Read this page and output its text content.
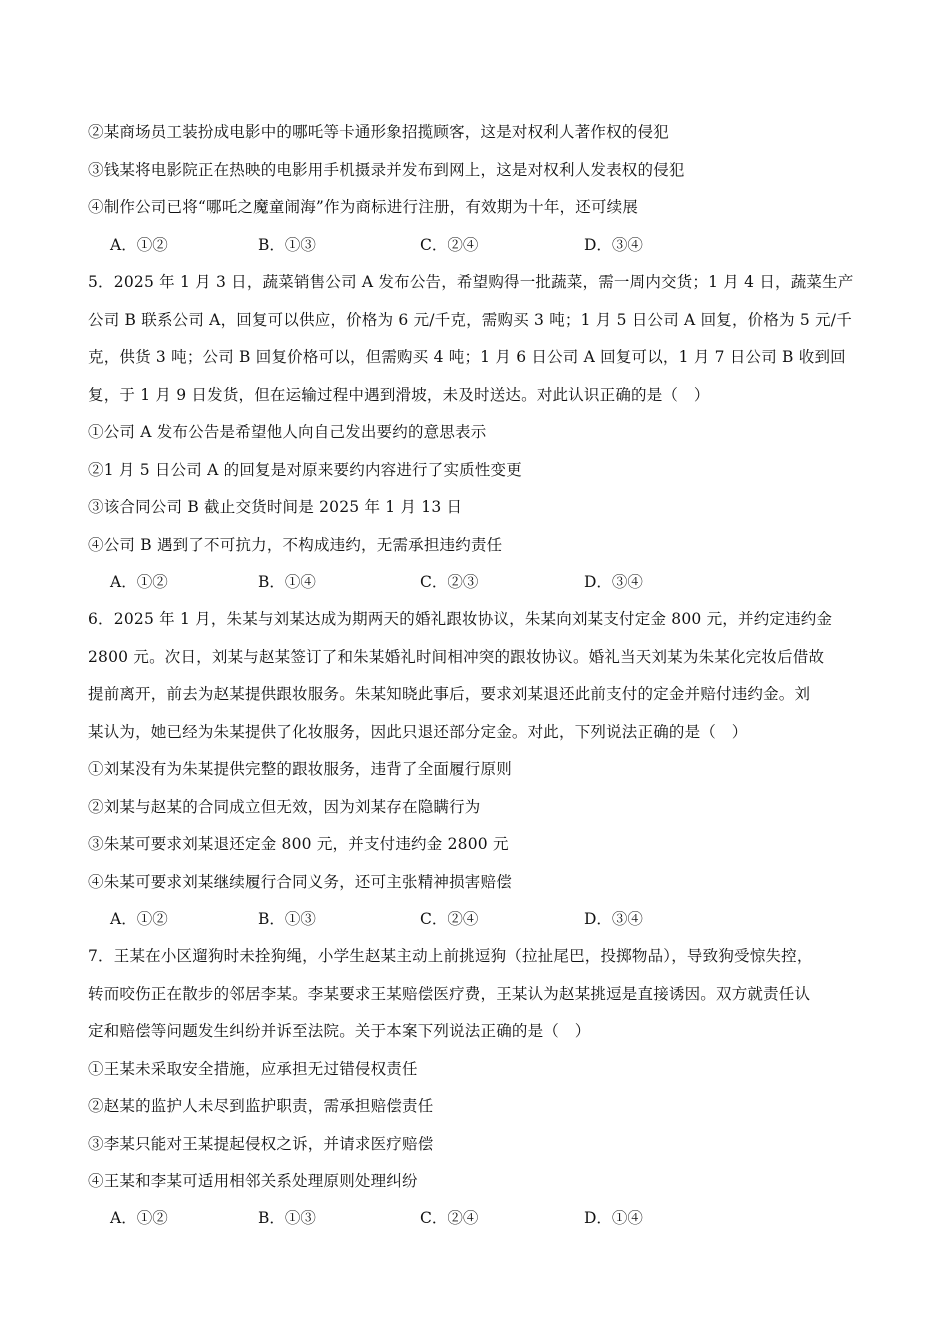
②某商场员工装扮成电影中的哪吒等卡通形象招揽顾客，这是对权利人著作权的侵犯
③钱某将电影院正在热映的电影用手机摄录并发布到网上，这是对权利人发表权的侵犯
④制作公司已将“哪吒之魔童闹海”作为商标进行注册，有效期为十年，还可续展
A．①②	B．①③	C．②④	D．③④
5．2025 年 1 月 3 日，蔬菜销售公司 A 发布公告，希望购得一批蔬菜，需一周内交货；1 月 4 日，蔬菜生产
公司 B 联系公司 A，回复可以供应，价格为 6 元/千克，需购买 3 吨；1 月 5 日公司 A 回复，价格为 5 元/千
克，供货 3 吨；公司 B 回复价格可以，但需购买 4 吨；1 月 6 日公司 A 回复可以，1 月 7 日公司 B 收到回
复，于 1 月 9 日发货，但在运输过程中遇到滑坡，未及时送达。对此认识正确的是（　）
①公司 A 发布公告是希望他人向自己发出要约的意思表示
②1 月 5 日公司 A 的回复是对原来要约内容进行了实质性变更
③该合同公司 B 截止交货时间是 2025 年 1 月 13 日
④公司 B 遇到了不可抗力，不构成违约，无需承担违约责任
A．①②	B．①④	C．②③	D．③④
6．2025 年 1 月，朱某与刘某达成为期两天的婚礼跟妆协议，朱某向刘某支付定金 800 元，并约定违约金
2800 元。次日，刘某与赵某签订了和朱某婚礼时间相冲突的跟妆协议。婚礼当天刘某为朱某化完妆后借故
提前离开，前去为赵某提供跟妆服务。朱某知晓此事后，要求刘某退还此前支付的定金并赔付违约金。刘
某认为，她已经为朱某提供了化妆服务，因此只退还部分定金。对此，下列说法正确的是（　）
①刘某没有为朱某提供完整的跟妆服务，违背了全面履行原则
②刘某与赵某的合同成立但无效，因为刘某存在隐瞒行为
③朱某可要求刘某退还定金 800 元，并支付违约金 2800 元
④朱某可要求刘某继续履行合同义务，还可主张精神损害赔偿
A．①②	B．①③	C．②④	D．③④
7．王某在小区遛狗时未拴狗绳，小学生赵某主动上前挑逗狗（拉扯尾巴，投掷物品），导致狗受惊失控，
转而咬伤正在散步的邻居李某。李某要求王某赔偿医疗费，王某认为赵某挑逗是直接诱因。双方就责任认
定和赔偿等问题发生纠纷并诉至法院。关于本案下列说法正确的是（　）
①王某未采取安全措施，应承担无过错侵权责任
②赵某的监护人未尽到监护职责，需承担赔偿责任
③李某只能对王某提起侵权之诉，并请求医疗赔偿
④王某和李某可适用相邻关系处理原则处理纠纷
A．①②	B．①③	C．②④	D．①④
